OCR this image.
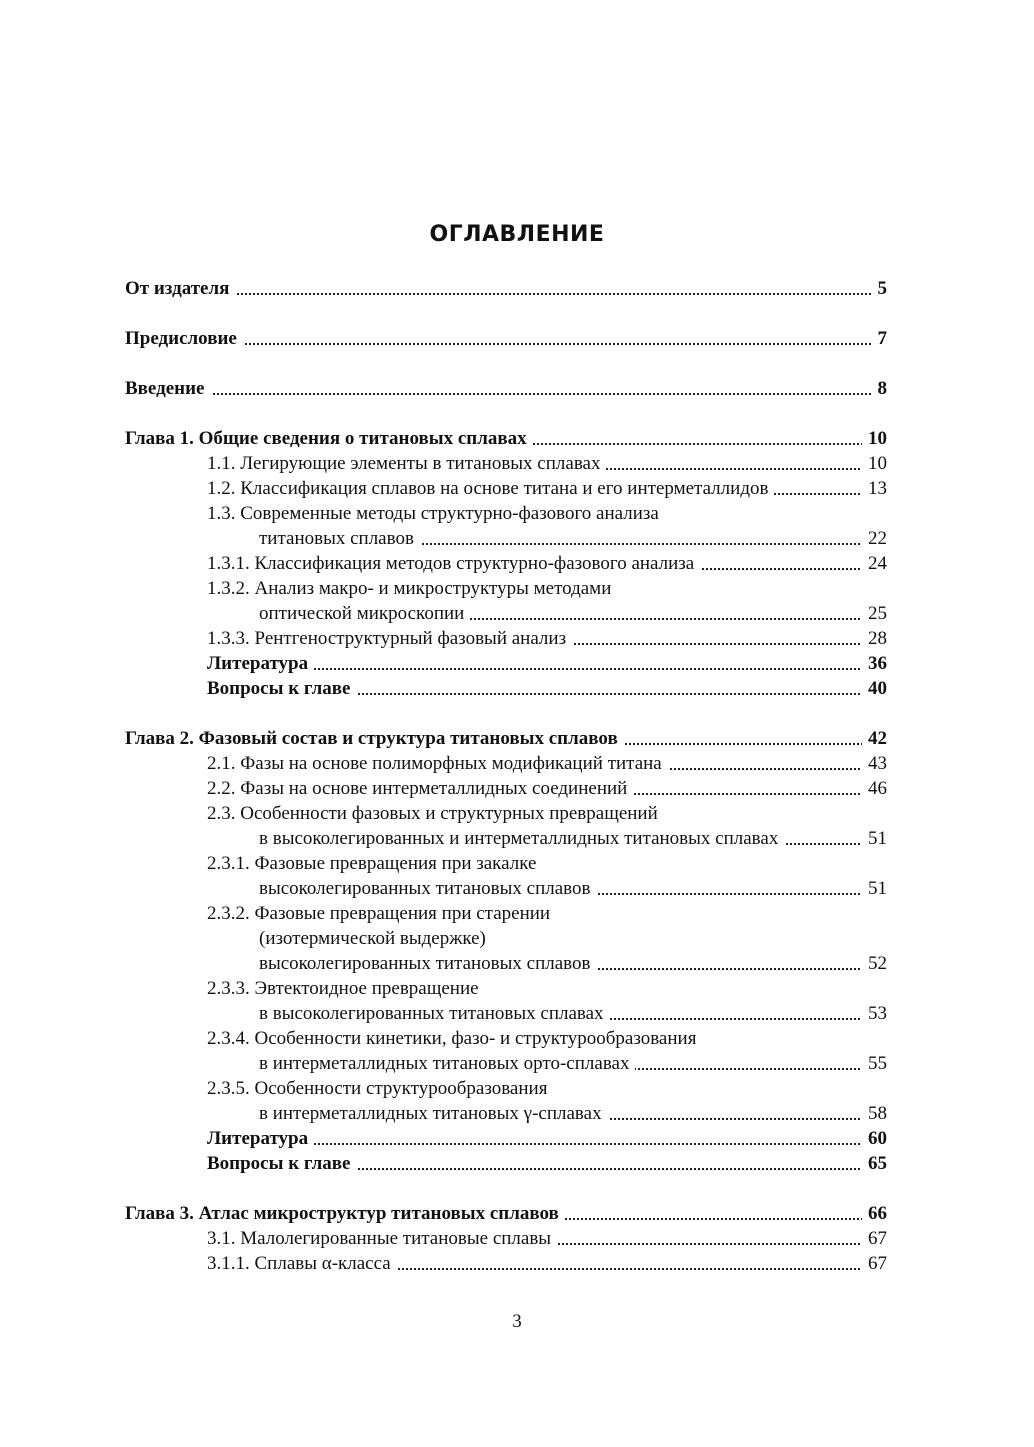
ОГЛАВЛЕНИЕ
От издателя	5
Предисловие	7
Введение	8
Глава 1. Общие сведения о титановых сплавах	10
1.1. Легирующие элементы в титановых сплавах	10
1.2. Классификация сплавов на основе титана и его интерметаллидов	13
1.3. Современные методы структурно-фазового анализа
титановых сплавов	22
1.3.1. Классификация методов структурно-фазового анализа	24
1.3.2. Анализ макро- и микроструктуры методами
оптической микроскопии	25
1.3.3. Рентгеноструктурный фазовый анализ	28
Литература	36
Вопросы к главе	40
Глава 2. Фазовый состав и структура титановых сплавов	42
2.1. Фазы на основе полиморфных модификаций титана	43
2.2. Фазы на основе интерметаллидных соединений	46
2.3. Особенности фазовых и структурных превращений
в высоколегированных и интерметаллидных титановых сплавах	51
2.3.1. Фазовые превращения при закалке
высоколегированных титановых сплавов	51
2.3.2. Фазовые превращения при старении
(изотермической выдержке)
высоколегированных титановых сплавов	52
2.3.3. Эвтектоидное превращение
в высоколегированных титановых сплавах	53
2.3.4. Особенности кинетики, фазо- и структурообразования
в интерметаллидных титановых орто-сплавах	55
2.3.5. Особенности структурообразования
в интерметаллидных титановых γ-сплавах	58
Литература	60
Вопросы к главе	65
Глава 3. Атлас микроструктур титановых сплавов	66
3.1. Малолегированные титановые сплавы	67
3.1.1. Сплавы α-класса	67
3
